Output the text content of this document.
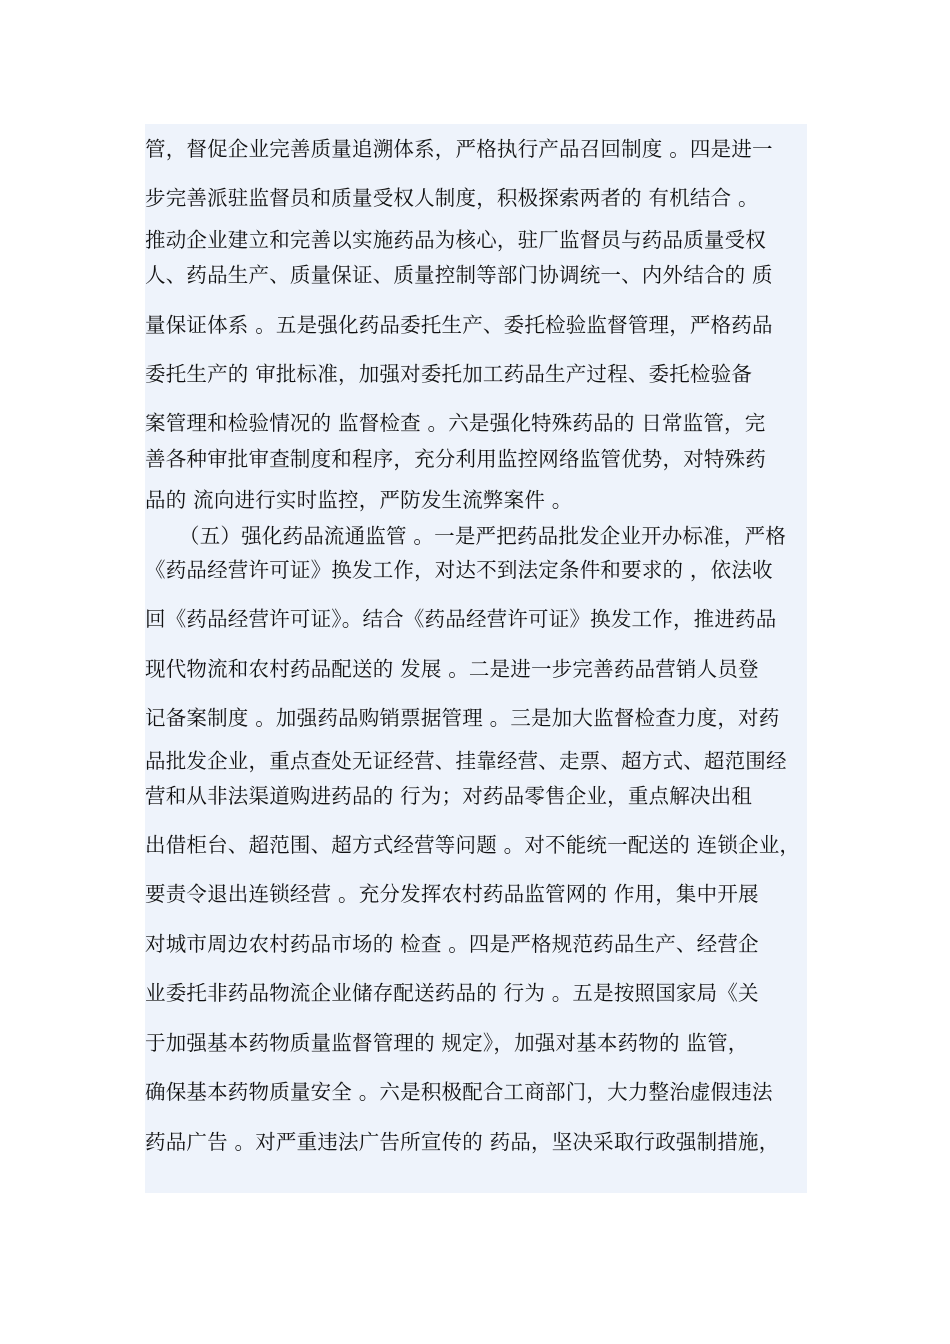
管，督促企业完善质量追溯体系，严格执行产品召回制度 。四是进一
步完善派驻监督员和质量受权人制度，积极探索两者的 有机结合 。
推动企业建立和完善以实施药品为核心，驻厂监督员与药品质量受权
人、药品生产、质量保证、质量控制等部门协调统一、内外结合的 质
量保证体系 。五是强化药品委托生产、委托检验监督管理，严格药品
委托生产的 审批标准，加强对委托加工药品生产过程、委托检验备
案管理和检验情况的 监督检查 。六是强化特殊药品的 日常监管，完
善各种审批审查制度和程序，充分利用监控网络监管优势，对特殊药
品的 流向进行实时监控，严防发生流弊案件 。
（五）强化药品流通监管 。一是严把药品批发企业开办标准，严格
《药品经营许可证》换发工作，对达不到法定条件和要求的 ，依法收
回《药品经营许可证》。结合《药品经营许可证》换发工作，推进药品
现代物流和农村药品配送的 发展 。二是进一步完善药品营销人员登
记备案制度 。加强药品购销票据管理 。三是加大监督检查力度，对药
品批发企业，重点查处无证经营、挂靠经营、走票、超方式、超范围经
营和从非法渠道购进药品的 行为；对药品零售企业，重点解决出租
出借柜台、超范围、超方式经营等问题 。对不能统一配送的 连锁企业，
要责令退出连锁经营 。充分发挥农村药品监管网的 作用，集中开展
对城市周边农村药品市场的 检查 。四是严格规范药品生产、经营企
业委托非药品物流企业储存配送药品的 行为 。五是按照国家局《关
于加强基本药物质量监督管理的 规定》，加强对基本药物的 监管，
确保基本药物质量安全 。六是积极配合工商部门，大力整治虚假违法
药品广告 。对严重违法广告所宣传的 药品，坚决采取行政强制措施，
